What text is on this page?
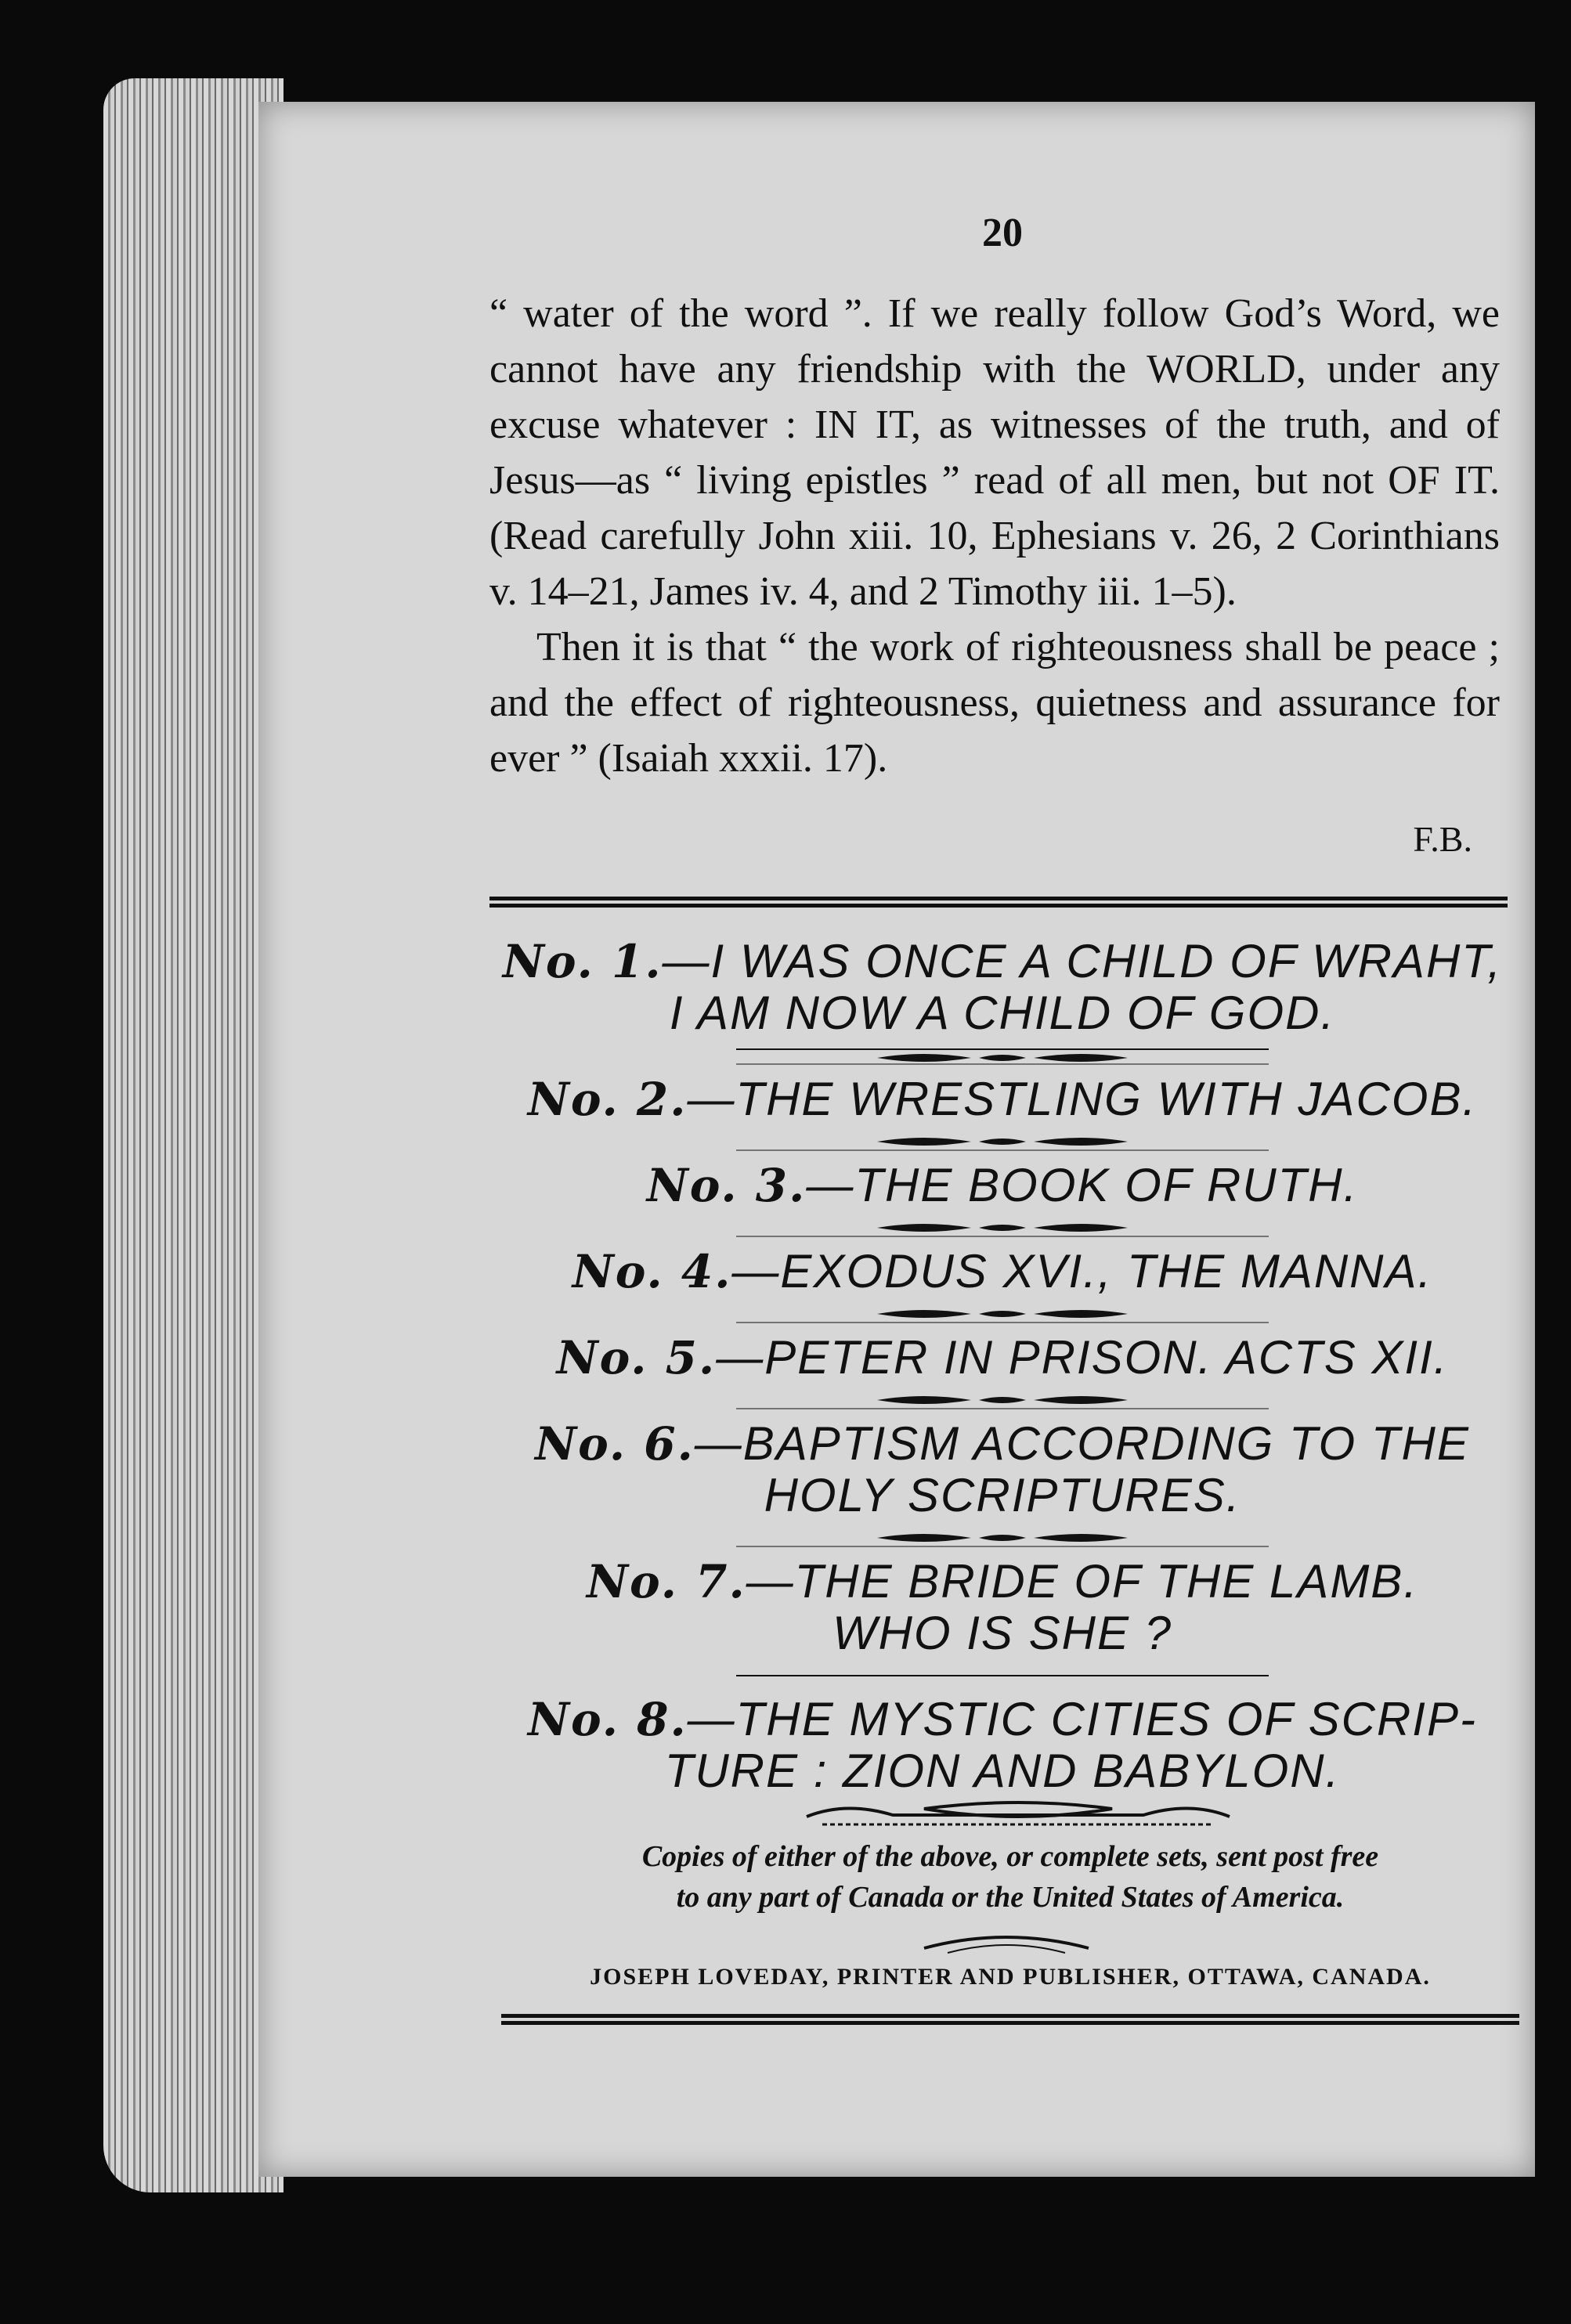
20

“ water of the word ”. If we really follow God’s Word, we cannot have any friendship with the WORLD, under any excuse whatever : IN IT, as witnesses of the truth, and of Jesus—as “ living epistles ” read of all men, but not OF IT. (Read carefully John xiii. 10, Ephesians v. 26, 2 Corinthians v. 14–21, James iv. 4, and 2 Timothy iii. 1–5).

Then it is that “ the work of righteousness shall be peace ; and the effect of righteousness, quietness and assurance for ever ” (Isaiah xxxii. 17).

F.B.
No. 1.—I WAS ONCE A CHILD OF WRAHT,
I AM NOW A CHILD OF GOD.
No. 2.—THE WRESTLING WITH JACOB.
No. 3.—THE BOOK OF RUTH.
No. 4.—EXODUS XVI., THE MANNA.
No. 5.—PETER IN PRISON. ACTS XII.
No. 6.—BAPTISM ACCORDING TO THE
HOLY SCRIPTURES.
No. 7.—THE BRIDE OF THE LAMB.
WHO IS SHE ?
No. 8.—THE MYSTIC CITIES OF SCRIP-
TURE : ZION AND BABYLON.
Copies of either of the above, or complete sets, sent post free
to any part of Canada or the United States of America.
JOSEPH LOVEDAY, PRINTER AND PUBLISHER, OTTAWA, CANADA.
